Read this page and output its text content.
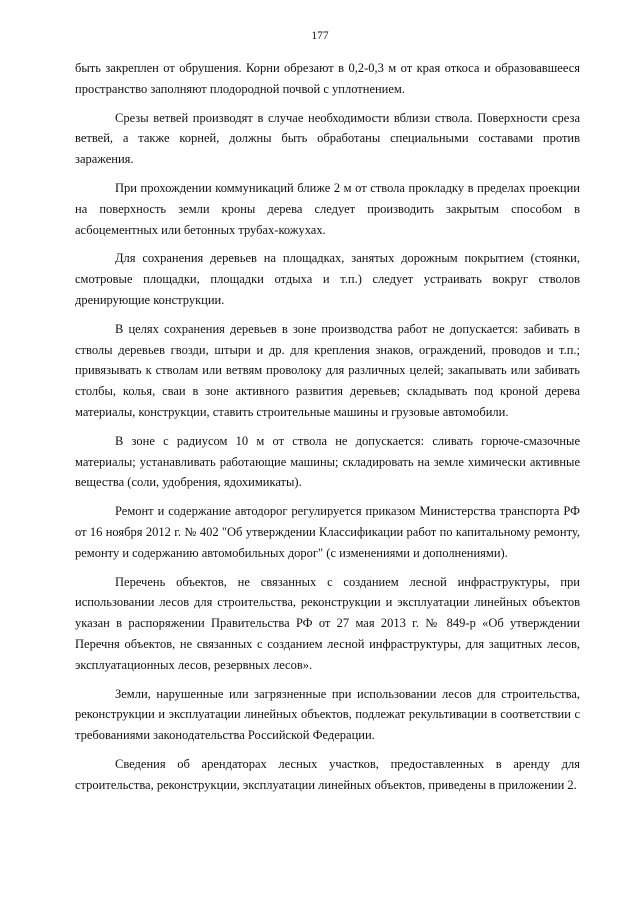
177

быть закреплен от обрушения. Корни обрезают в 0,2-0,3 м от края откоса и образовавшееся пространство заполняют плодородной почвой с уплотнением.

Срезы ветвей производят в случае необходимости вблизи ствола. Поверхности среза ветвей, а также корней, должны быть обработаны специальными составами против заражения.

При прохождении коммуникаций ближе 2 м от ствола прокладку в пределах проекции на поверхность земли кроны дерева следует производить закрытым способом в асбоцементных или бетонных трубах-кожухах.

Для сохранения деревьев на площадках, занятых дорожным покрытием (стоянки, смотровые площадки, площадки отдыха и т.п.) следует устраивать вокруг стволов дренирующие конструкции.

В целях сохранения деревьев в зоне производства работ не допускается: забивать в стволы деревьев гвозди, штыри и др. для крепления знаков, ограждений, проводов и т.п.; привязывать к стволам или ветвям проволоку для различных целей; закапывать или забивать столбы, колья, сваи в зоне активного развития деревьев; складывать под кроной дерева материалы, конструкции, ставить строительные машины и грузовые автомобили.

В зоне с радиусом 10 м от ствола не допускается: сливать горюче-смазочные материалы; устанавливать работающие машины; складировать на земле химически активные вещества (соли, удобрения, ядохимикаты).

Ремонт и содержание автодорог регулируется приказом Министерства транспорта РФ от 16 ноября 2012 г. № 402 "Об утверждении Классификации работ по капитальному ремонту, ремонту и содержанию автомобильных дорог" (с изменениями и дополнениями).

Перечень объектов, не связанных с созданием лесной инфраструктуры, при использовании лесов для строительства, реконструкции и эксплуатации линейных объектов указан в распоряжении Правительства РФ от 27 мая 2013 г. № 849-р «Об утверждении Перечня объектов, не связанных с созданием лесной инфраструктуры, для защитных лесов, эксплуатационных лесов, резервных лесов».

Земли, нарушенные или загрязненные при использовании лесов для строительства, реконструкции и эксплуатации линейных объектов, подлежат рекультивации в соответствии с требованиями законодательства Российской Федерации.

Сведения об арендаторах лесных участков, предоставленных в аренду для строительства, реконструкции, эксплуатации линейных объектов, приведены в приложении 2.
